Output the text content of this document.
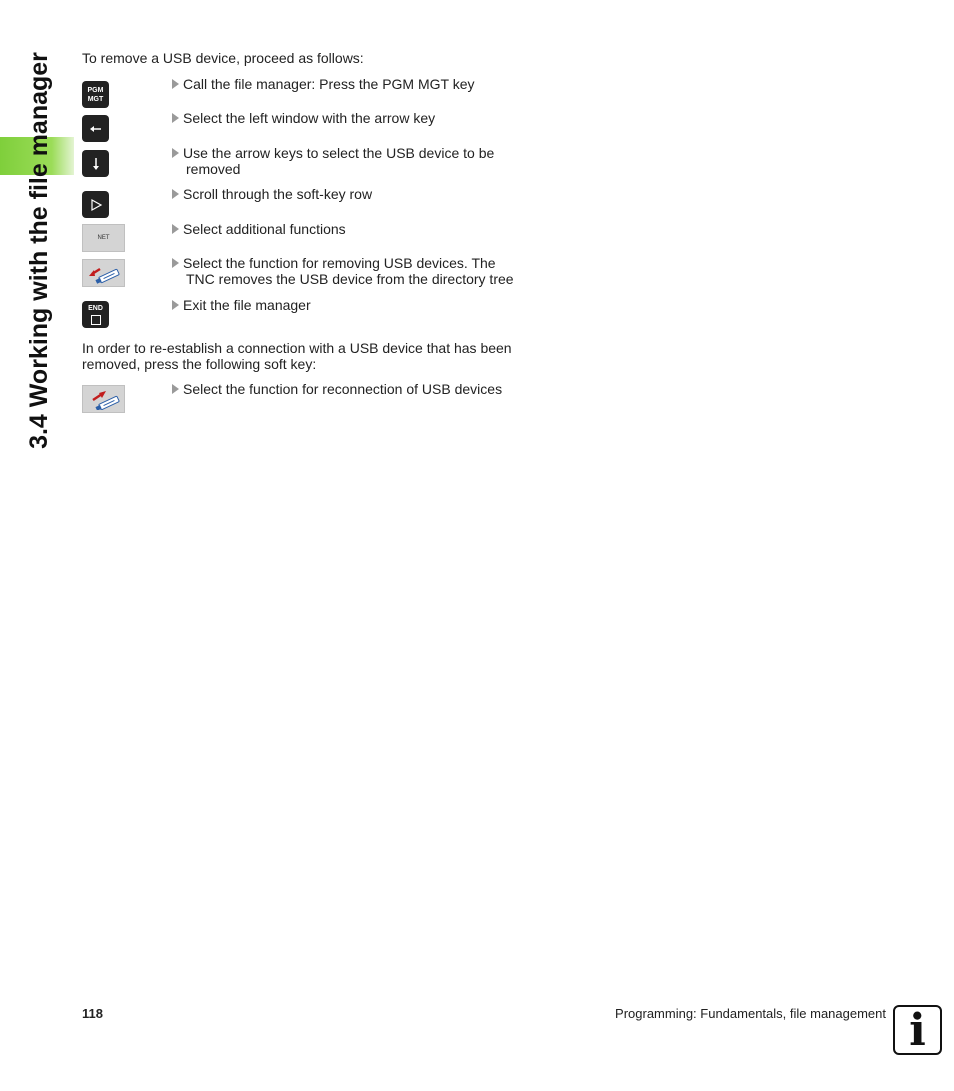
3.4 Working with the file manager To remove a USB device, proceed as follows:
PGM
MGT
Call the file manager: Press the PGM MGT key
Select the left window with the arrow key
Use the arrow keys to select the USB device to be
removed
Scroll through the soft-key row
NET
Select additional functions
Select the function for removing USB devices. The
TNC removes the USB device from the directory tree
END	Exit the file manager
In order to re-establish a connection with a USB device that has been
removed, press the following soft key:
Select the function for reconnection of USB devices
118	Programming: Fundamentals, file management i
